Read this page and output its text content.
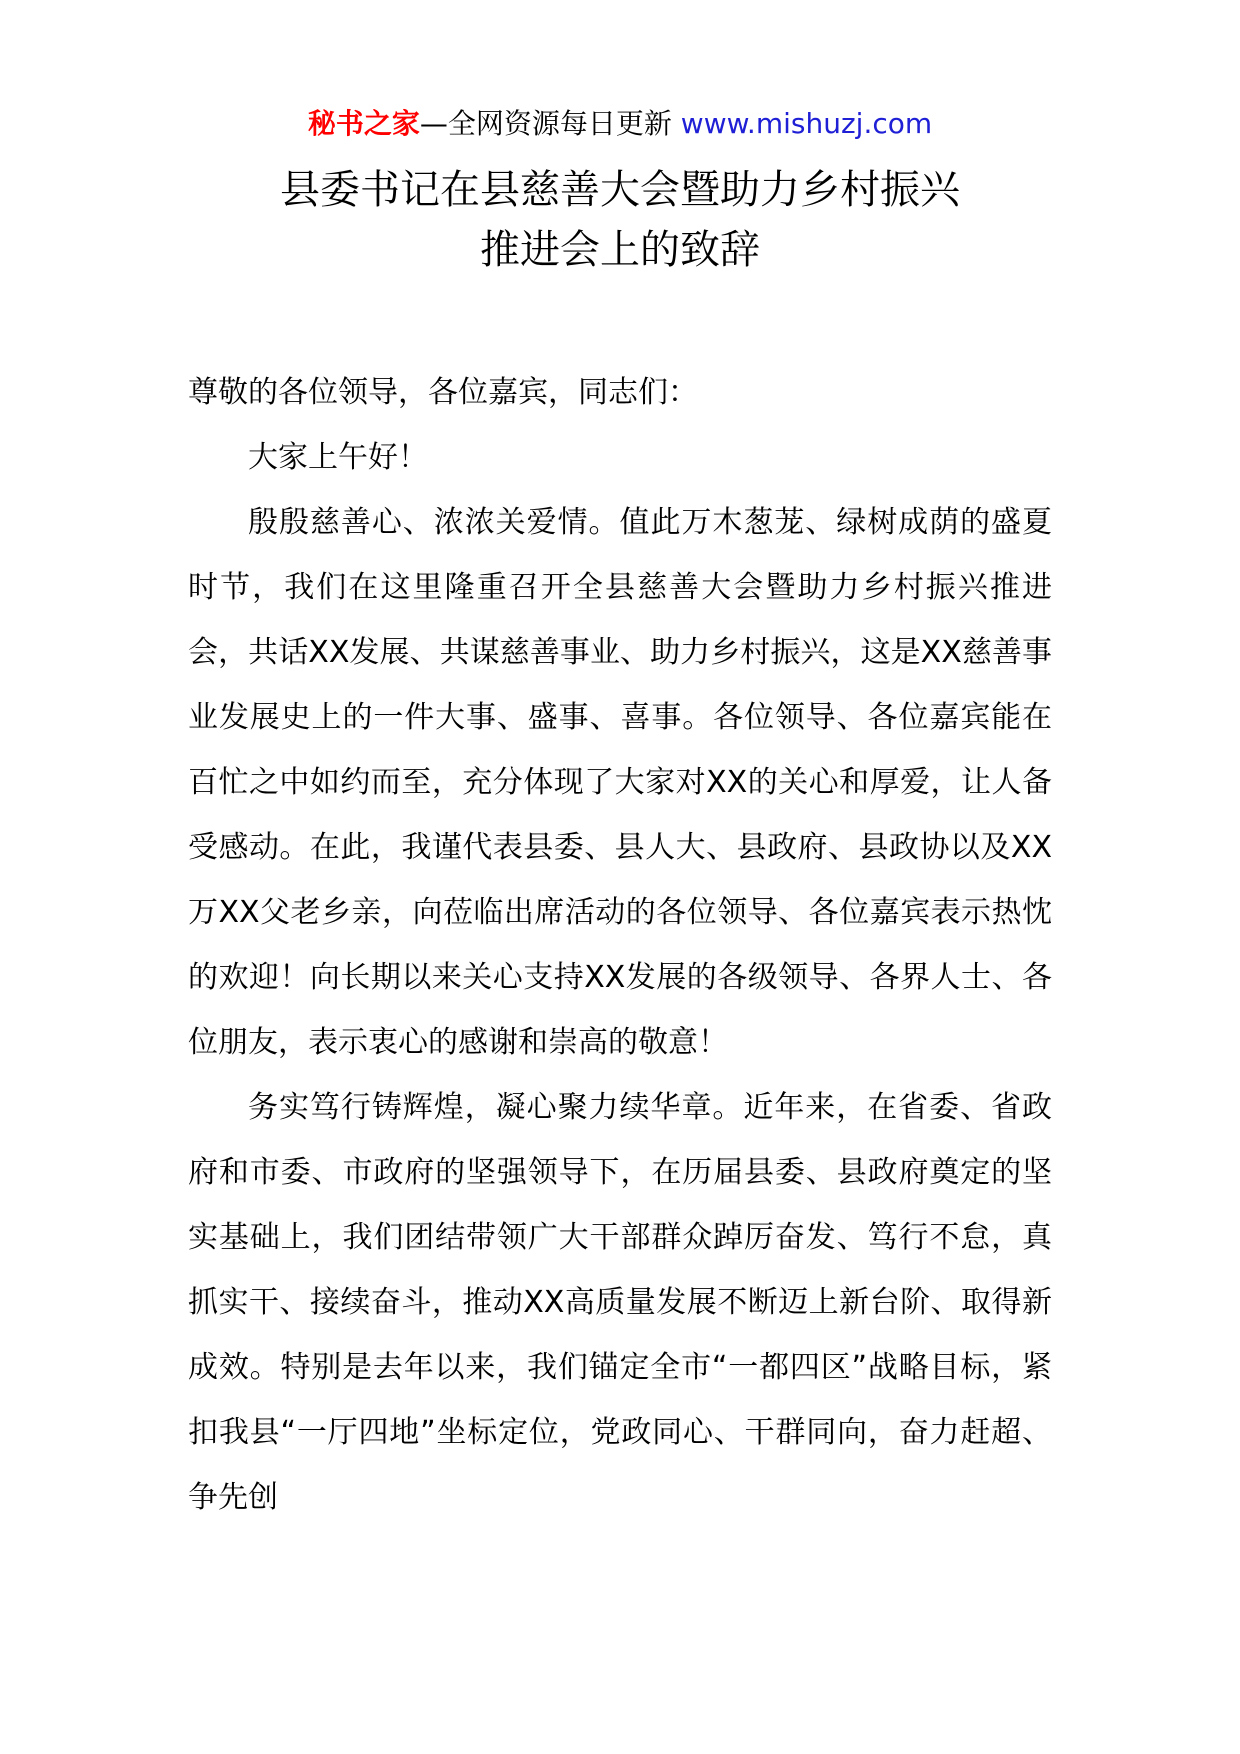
秘书之家—全网资源每日更新 www.mishuzj.com
县委书记在县慈善大会暨助力乡村振兴
推进会上的致辞

尊敬的各位领导，各位嘉宾，同志们：

大家上午好！

殷殷慈善心、浓浓关爱情。值此万木葱茏、绿树成荫的盛夏时节，我们在这里隆重召开全县慈善大会暨助力乡村振兴推进会，共话XX发展、共谋慈善事业、助力乡村振兴，这是XX慈善事业发展史上的一件大事、盛事、喜事。各位领导、各位嘉宾能在百忙之中如约而至，充分体现了大家对XX的关心和厚爱，让人备受感动。在此，我谨代表县委、县人大、县政府、县政协以及XX万XX父老乡亲，向莅临出席活动的各位领导、各位嘉宾表示热忱的欢迎！向长期以来关心支持XX发展的各级领导、各界人士、各位朋友，表示衷心的感谢和崇高的敬意！

务实笃行铸辉煌，凝心聚力续华章。近年来，在省委、省政府和市委、市政府的坚强领导下，在历届县委、县政府奠定的坚实基础上，我们团结带领广大干部群众踔厉奋发、笃行不怠，真抓实干、接续奋斗，推动XX高质量发展不断迈上新台阶、取得新成效。特别是去年以来，我们锚定全市“一都四区”战略目标，紧扣我县“一厅四地”坐标定位，党政同心、干群同向，奋力赶超、争先创
